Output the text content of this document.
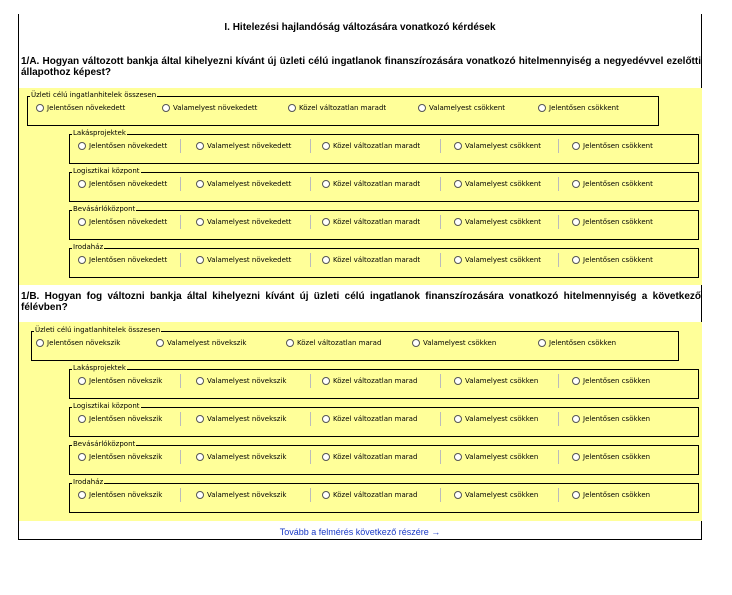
I. Hitelezési hajlandóság változására vonatkozó kérdések
1/A. Hogyan változott bankja által kihelyezni kívánt új üzleti célú ingatlanok finanszírozására vonatkozó hitelmennyiség a negyedévvel ezelőtti állapothoz képest?
Üzleti célú ingatlanhitelek összesen
Jelentősen növekedett	Valamelyest növekedett	Közel változatlan maradt	Valamelyest csökkent	Jelentősen csökkent
Lakásprojektek
Jelentősen növekedett	Valamelyest növekedett	Közel változatlan maradt	Valamelyest csökkent	Jelentősen csökkent
Logisztikai központ
Jelentősen növekedett	Valamelyest növekedett	Közel változatlan maradt	Valamelyest csökkent	Jelentősen csökkent
Bevásárlóközpont
Jelentősen növekedett	Valamelyest növekedett	Közel változatlan maradt	Valamelyest csökkent	Jelentősen csökkent
Irodaház
Jelentősen növekedett	Valamelyest növekedett	Közel változatlan maradt	Valamelyest csökkent	Jelentősen csökkent
1/B. Hogyan fog változni bankja által kihelyezni kívánt új üzleti célú ingatlanok finanszírozására vonatkozó hitelmennyiség a következő félévben?
Üzleti célú ingatlanhitelek összesen
Jelentősen növekszik	Valamelyest növekszik	Közel változatlan marad	Valamelyest csökken	Jelentősen csökken
Lakásprojektek
Jelentősen növekszik	Valamelyest növekszik	Közel változatlan marad	Valamelyest csökken	Jelentősen csökken
Logisztikai központ
Jelentősen növekszik	Valamelyest növekszik	Közel változatlan marad	Valamelyest csökken	Jelentősen csökken
Bevásárlóközpont
Jelentősen növekszik	Valamelyest növekszik	Közel változatlan marad	Valamelyest csökken	Jelentősen csökken
Irodaház
Jelentősen növekszik	Valamelyest növekszik	Közel változatlan marad	Valamelyest csökken	Jelentősen csökken
Tovább a felmérés következő részére →
